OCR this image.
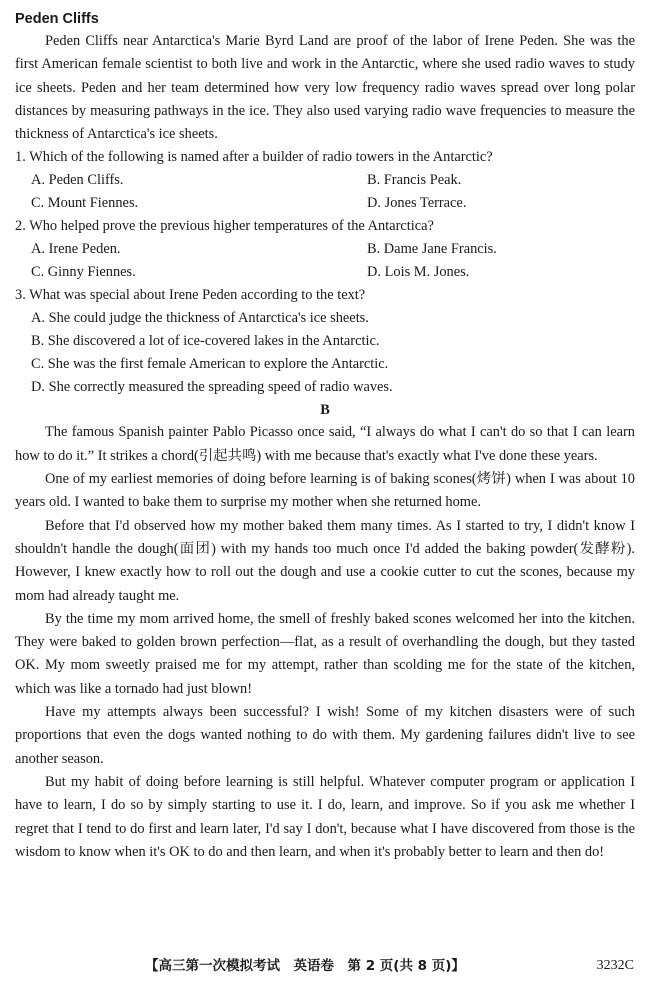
Peden Cliffs

Peden Cliffs near Antarctica's Marie Byrd Land are proof of the labor of Irene Peden. She was the first American female scientist to both live and work in the Antarctic, where she used radio waves to study ice sheets. Peden and her team determined how very low frequency radio waves spread over long polar distances by measuring pathways in the ice. They also used varying radio wave frequencies to measure the thickness of Antarctica's ice sheets.

1. Which of the following is named after a builder of radio towers in the Antarctic?
A. Peden Cliffs.	B. Francis Peak.
C. Mount Fiennes.	D. Jones Terrace.
2. Who helped prove the previous higher temperatures of the Antarctica?
A. Irene Peden.	B. Dame Jane Francis.
C. Ginny Fiennes.	D. Lois M. Jones.
3. What was special about Irene Peden according to the text?
A. She could judge the thickness of Antarctica's ice sheets.
B. She discovered a lot of ice-covered lakes in the Antarctic.
C. She was the first female American to explore the Antarctic.
D. She correctly measured the spreading speed of radio waves.
B

The famous Spanish painter Pablo Picasso once said, “I always do what I can't do so that I can learn how to do it.” It strikes a chord(引起共鸣) with me because that's exactly what I've done these years.

One of my earliest memories of doing before learning is of baking scones(烤饼) when I was about 10 years old. I wanted to bake them to surprise my mother when she returned home.

Before that I'd observed how my mother baked them many times. As I started to try, I didn't know I shouldn't handle the dough(面团) with my hands too much once I'd added the baking powder(发酵粉). However, I knew exactly how to roll out the dough and use a cookie cutter to cut the scones, because my mom had already taught me.

By the time my mom arrived home, the smell of freshly baked scones welcomed her into the kitchen. They were baked to golden brown perfection—flat, as a result of overhandling the dough, but they tasted OK. My mom sweetly praised me for my attempt, rather than scolding me for the state of the kitchen, which was like a tornado had just blown!

Have my attempts always been successful? I wish! Some of my kitchen disasters were of such proportions that even the dogs wanted nothing to do with them. My gardening failures didn't live to see another season.

But my habit of doing before learning is still helpful. Whatever computer program or application I have to learn, I do so by simply starting to use it. I do, learn, and improve. So if you ask me whether I regret that I tend to do first and learn later, I'd say I don't, because what I have discovered from those is the wisdom to know when it's OK to do and then learn, and when it's probably better to learn and then do!

【高三第一次模拟考试　英语卷　第 2 页(共 8 页)】	3232C
